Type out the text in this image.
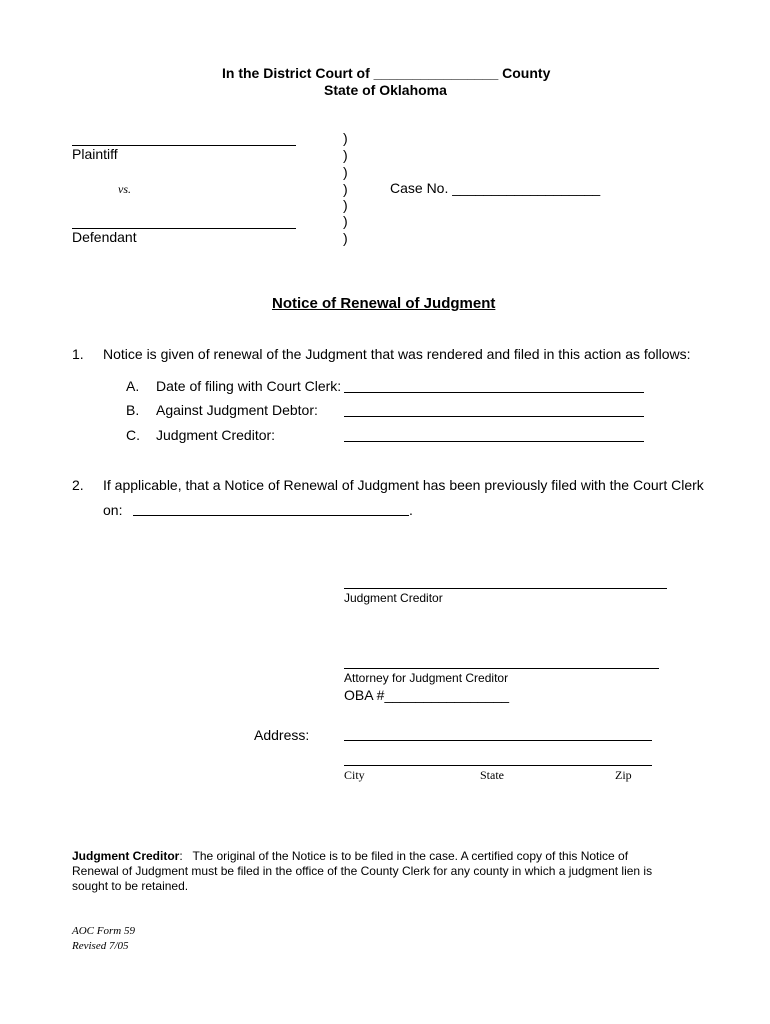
In the District Court of ________________ County
State of Oklahoma
Plaintiff
vs.
Defendant
)
)
)
)
)
)
)
Case No. ___________________
Notice of Renewal of Judgment
1. Notice is given of renewal of the Judgment that was rendered and filed in this action as follows:
A. Date of filing with Court Clerk:
B. Against Judgment Debtor:
C. Judgment Creditor:
2. If applicable, that a Notice of Renewal of Judgment has been previously filed with the Court Clerk
on:	.
Judgment Creditor
Attorney for Judgment Creditor
OBA #________________
Address:
City	State	Zip
Judgment Creditor: The original of the Notice is to be filed in the case. A certified copy of this Notice of
Renewal of Judgment must be filed in the office of the County Clerk for any county in which a judgment lien is
sought to be retained.
AOC Form 59
Revised 7/05
